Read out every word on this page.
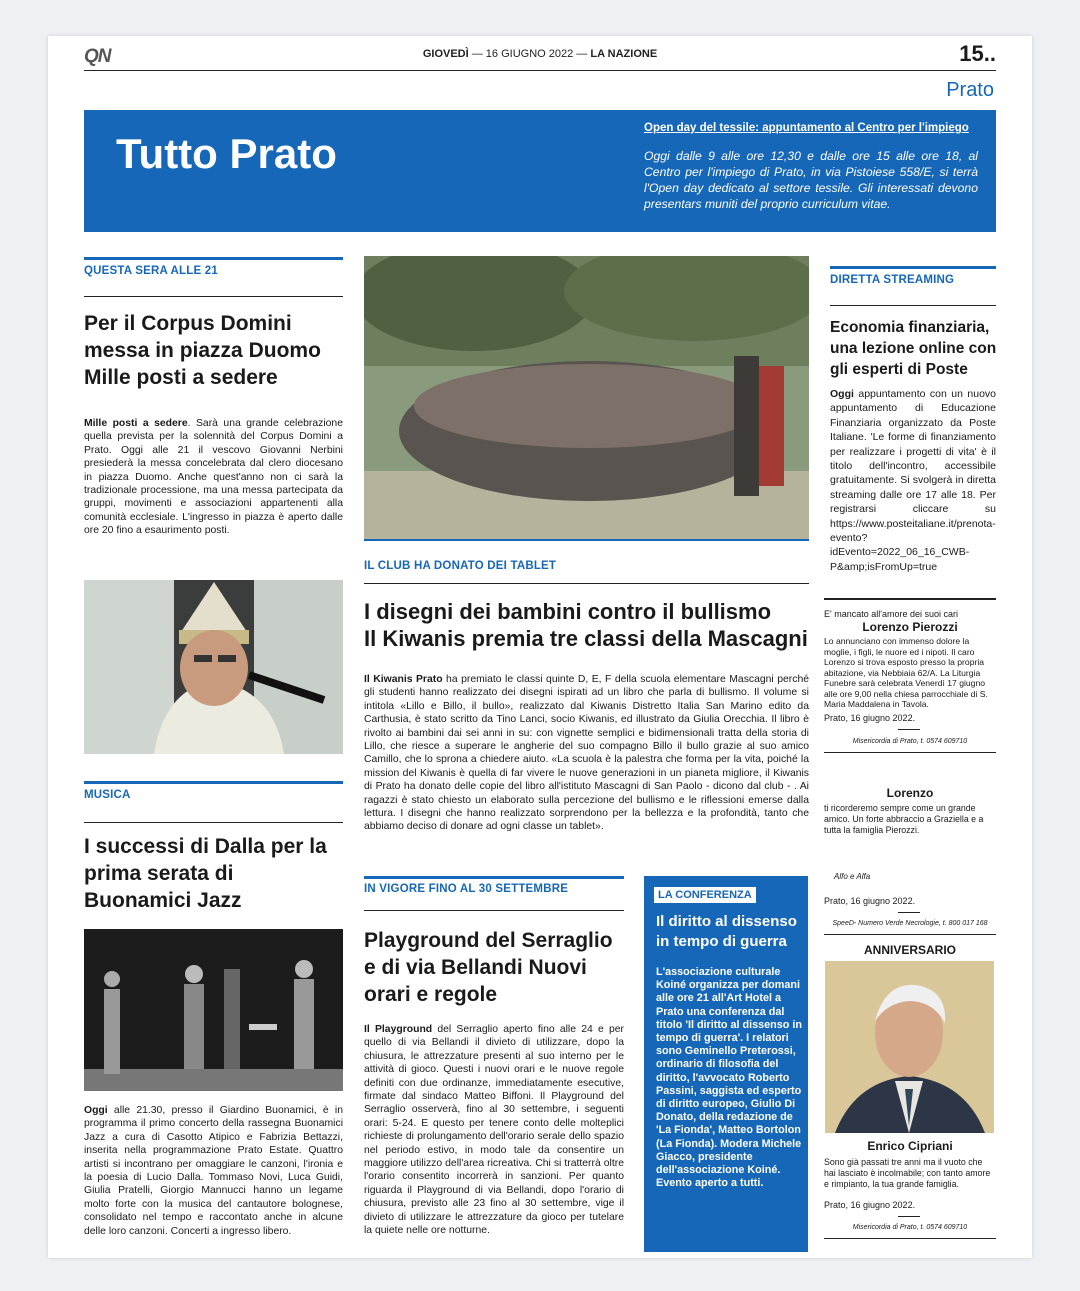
QN	GIOVEDÌ — 16 GIUGNO 2022 — LA NAZIONE	15..
Prato
Tutto Prato
Open day del tessile: appuntamento al Centro per l'impiego
Oggi dalle 9 alle ore 12,30 e dalle ore 15 alle ore 18, al Centro per l'impiego di Prato, in via Pistoiese 558/E, si terrà l'Open day dedicato al settore tessile. Gli interessati devono presentars muniti del proprio curriculum vitae.
QUESTA SERA ALLE 21
Per il Corpus Domini messa in piazza Duomo Mille posti a sedere
Mille posti a sedere. Sarà una grande celebrazione quella prevista per la solennità del Corpus Domini a Prato. Oggi alle 21 il vescovo Giovanni Nerbini presiederà la messa concelebrata dal clero diocesano in piazza Duomo. Anche quest'anno non ci sarà la tradizionale processione, ma una messa partecipata da gruppi, movimenti e associazioni appartenenti alla comunità ecclesiale. L'ingresso in piazza è aperto dalle ore 20 fino a esaurimento posti.
MUSICA
I successi di Dalla per la prima serata di Buonamici Jazz
Oggi alle 21.30, presso il Giardino Buonamici, è in programma il primo concerto della rassegna Buonamici Jazz a cura di Casotto Atipico e Fabrizia Bettazzi, inserita nella programmazione Prato Estate. Quattro artisti si incontrano per omaggiare le canzoni, l'ironia e la poesia di Lucio Dalla. Tommaso Novi, Luca Guidi, Giulia Pratelli, Giorgio Mannucci hanno un legame molto forte con la musica del cantautore bolognese, consolidato nel tempo e raccontato anche in alcune delle loro canzoni. Concerti a ingresso libero.
IL CLUB HA DONATO DEI TABLET
I disegni dei bambini contro il bullismo
Il Kiwanis premia tre classi della Mascagni
Il Kiwanis Prato ha premiato le classi quinte D, E, F della scuola elementare Mascagni perché gli studenti hanno realizzato dei disegni ispirati ad un libro che parla di bullismo. Il volume si intitola «Lillo e Billo, il bullo», realizzato dal Kiwanis Distretto Italia San Marino edito da Carthusia, è stato scritto da Tino Lanci, socio Kiwanis, ed illustrato da Giulia Orecchia. Il libro è rivolto ai bambini dai sei anni in su: con vignette semplici e bidimensionali tratta della storia di Lillo, che riesce a superare le angherie del suo compagno Billo il bullo grazie al suo amico Camillo, che lo sprona a chiedere aiuto. «La scuola è la palestra che forma per la vita, poiché la mission del Kiwanis è quella di far vivere le nuove generazioni in un pianeta migliore, il Kiwanis di Prato ha donato delle copie del libro all'istituto Mascagni di San Paolo - dicono dal club - . Ai ragazzi è stato chiesto un elaborato sulla percezione del bullismo e le riflessioni emerse dalla lettura. I disegni che hanno realizzato sorprendono per la bellezza e la profondità, tanto che abbiamo deciso di donare ad ogni classe un tablet».
IN VIGORE FINO AL 30 SETTEMBRE
Playground del Serraglio e di via Bellandi Nuovi orari e regole
Il Playground del Serraglio aperto fino alle 24 e per quello di via Bellandi il divieto di utilizzare, dopo la chiusura, le attrezzature presenti al suo interno per le attività di gioco. Questi i nuovi orari e le nuove regole definiti con due ordinanze, immediatamente esecutive, firmate dal sindaco Matteo Biffoni. Il Playground del Serraglio osserverà, fino al 30 settembre, i seguenti orari: 5-24. E questo per tenere conto delle molteplici richieste di prolungamento dell'orario serale dello spazio nel periodo estivo, in modo tale da consentire un maggiore utilizzo dell'area ricreativa. Chi si tratterrà oltre l'orario consentito incorrerà in sanzioni. Per quanto riguarda il Playground di via Bellandi, dopo l'orario di chiusura, previsto alle 23 fino al 30 settembre, vige il divieto di utilizzare le attrezzature da gioco per tutelare la quiete nelle ore notturne.
LA CONFERENZA
Il diritto al dissenso in tempo di guerra
L'associazione culturale Koiné organizza per domani alle ore 21 all'Art Hotel a Prato una conferenza dal titolo 'Il diritto al dissenso in tempo di guerra'. I relatori sono Geminello Preterossi, ordinario di filosofia del diritto, l'avvocato Roberto Passini, saggista ed esperto di diritto europeo, Giulio Di Donato, della redazione de 'La Fionda', Matteo Bortolon (La Fionda). Modera Michele Giacco, presidente dell'associazione Koiné. Evento aperto a tutti.
DIRETTA STREAMING
Economia finanziaria, una lezione online con gli esperti di Poste
Oggi appuntamento con un nuovo appuntamento di Educazione Finanziaria organizzato da Poste Italiane. 'Le forme di finanziamento per realizzare i progetti di vita' è il titolo dell'incontro, accessibile gratuitamente. Si svolgerà in diretta streaming dalle ore 17 alle 18. Per registrarsi cliccare su https://www.posteitaliane.it/prenota-evento?idEvento=2022_06_16_CWB-P&amp;isFromUp=true
E' mancato all'amore dei suoi cari
Lorenzo Pierozzi
Lo annunciano con immenso dolore la moglie, i figli, le nuore ed i nipoti. Il caro Lorenzo si trova esposto presso la propria abitazione, via Nebbiaia 62/A. La Liturgia Funebre sarà celebrata Venerdì 17 giugno alle ore 9,00 nella chiesa parrocchiale di S. Maria Maddalena in Tavola.
Prato, 16 giugno 2022.
Misericordia di Prato, t. 0574 609710
Lorenzo
ti ricorderemo sempre come un grande amico. Un forte abbraccio a Graziella e a tutta la famiglia Pierozzi.
Alfo e Alfa
Prato, 16 giugno 2022.
SpeeD- Numero Verde Necrologie, t. 800 017 168
ANNIVERSARIO
Enrico Cipriani
Sono già passati tre anni ma il vuoto che hai lasciato è incolmabile; con tanto amore e rimpianto, la tua grande famiglia.
Prato, 16 giugno 2022.
Misericordia di Prato, t. 0574 609710
